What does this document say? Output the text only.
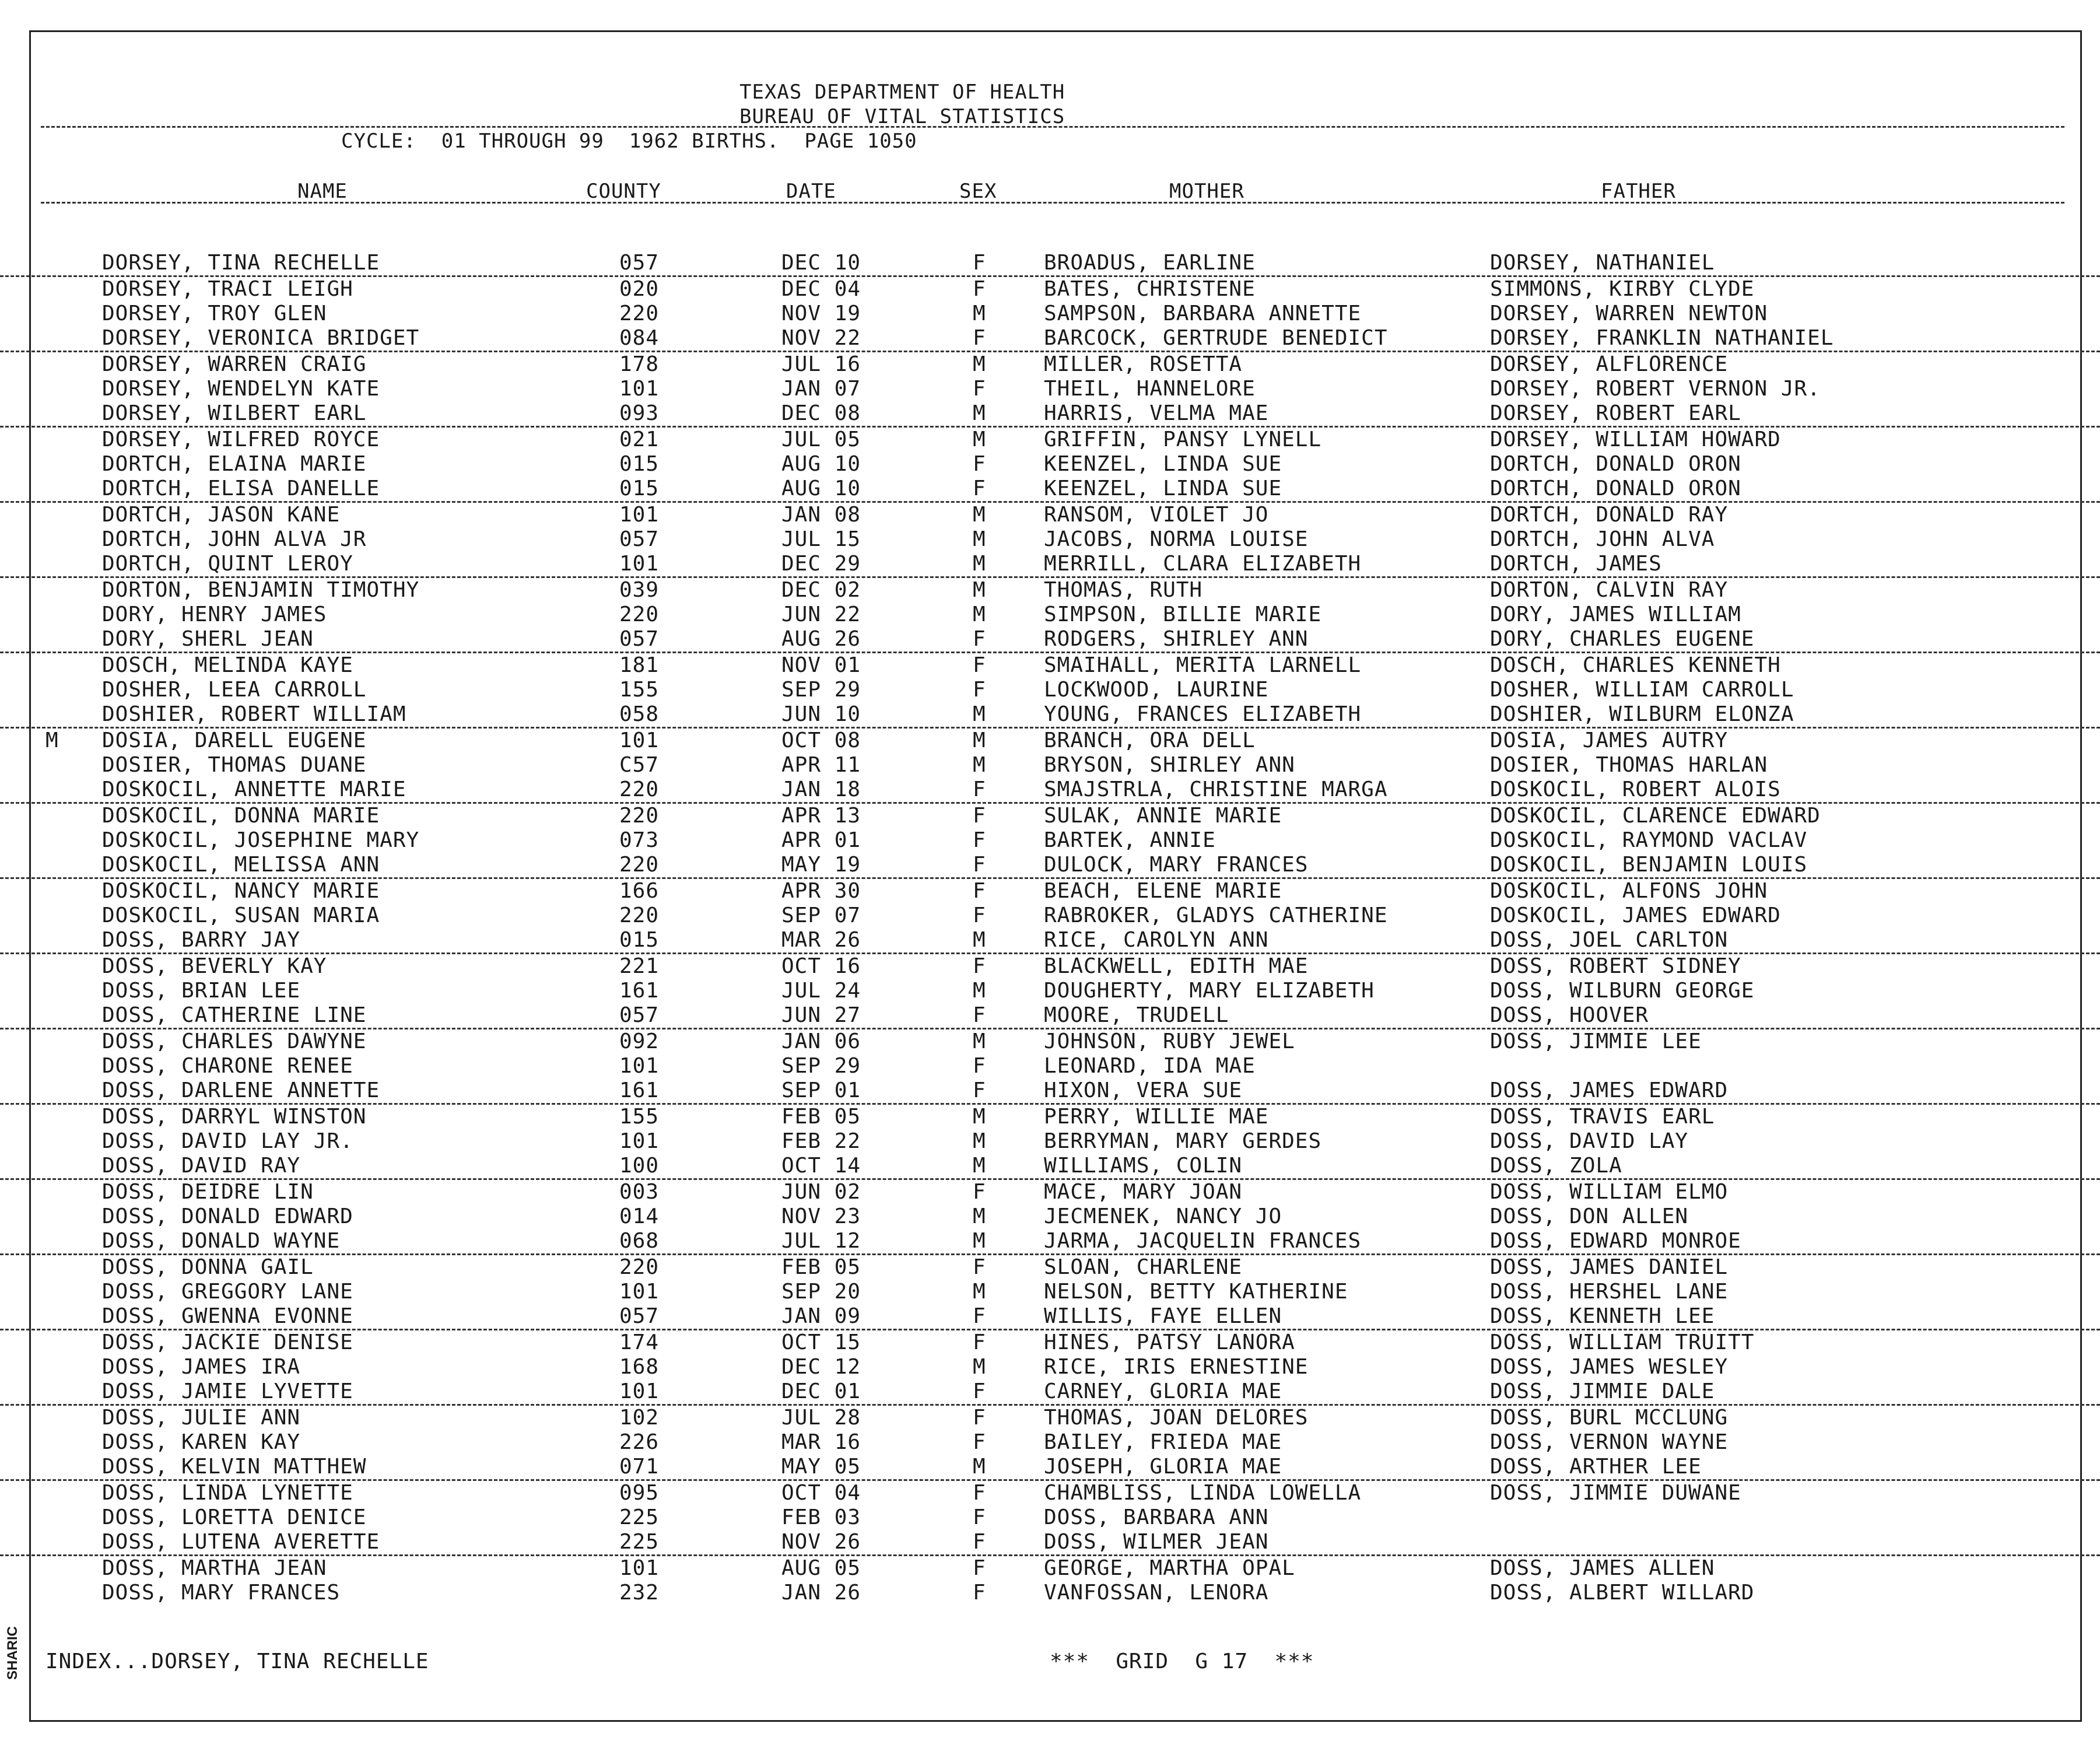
TEXAS DEPARTMENT OF HEALTH
BUREAU OF VITAL STATISTICS
CYCLE:  01 THROUGH 99  1962 BIRTHS.  PAGE 1050
NAME	COUNTY	DATE	SEX	MOTHER	FATHER
DORSEY, TINA RECHELLE	057	DEC 10	F	BROADUS, EARLINE	DORSEY, NATHANIEL
DORSEY, TRACI LEIGH	020	DEC 04	F	BATES, CHRISTENE	SIMMONS, KIRBY CLYDE
DORSEY, TROY GLEN	220	NOV 19	M	SAMPSON, BARBARA ANNETTE	DORSEY, WARREN NEWTON
DORSEY, VERONICA BRIDGET	084	NOV 22	F	BARCOCK, GERTRUDE BENEDICT	DORSEY, FRANKLIN NATHANIEL
DORSEY, WARREN CRAIG	178	JUL 16	M	MILLER, ROSETTA	DORSEY, ALFLORENCE
DORSEY, WENDELYN KATE	101	JAN 07	F	THEIL, HANNELORE	DORSEY, ROBERT VERNON JR.
DORSEY, WILBERT EARL	093	DEC 08	M	HARRIS, VELMA MAE	DORSEY, ROBERT EARL
DORSEY, WILFRED ROYCE	021	JUL 05	M	GRIFFIN, PANSY LYNELL	DORSEY, WILLIAM HOWARD
DORTCH, ELAINA MARIE	015	AUG 10	F	KEENZEL, LINDA SUE	DORTCH, DONALD ORON
DORTCH, ELISA DANELLE	015	AUG 10	F	KEENZEL, LINDA SUE	DORTCH, DONALD ORON
DORTCH, JASON KANE	101	JAN 08	M	RANSOM, VIOLET JO	DORTCH, DONALD RAY
DORTCH, JOHN ALVA JR	057	JUL 15	M	JACOBS, NORMA LOUISE	DORTCH, JOHN ALVA
DORTCH, QUINT LEROY	101	DEC 29	M	MERRILL, CLARA ELIZABETH	DORTCH, JAMES
DORTON, BENJAMIN TIMOTHY	039	DEC 02	M	THOMAS, RUTH	DORTON, CALVIN RAY
DORY, HENRY JAMES	220	JUN 22	M	SIMPSON, BILLIE MARIE	DORY, JAMES WILLIAM
DORY, SHERL JEAN	057	AUG 26	F	RODGERS, SHIRLEY ANN	DORY, CHARLES EUGENE
DOSCH, MELINDA KAYE	181	NOV 01	F	SMAIHALL, MERITA LARNELL	DOSCH, CHARLES KENNETH
DOSHER, LEEA CARROLL	155	SEP 29	F	LOCKWOOD, LAURINE	DOSHER, WILLIAM CARROLL
DOSHIER, ROBERT WILLIAM	058	JUN 10	M	YOUNG, FRANCES ELIZABETH	DOSHIER, WILBURM ELONZA
M DOSIA, DARELL EUGENE	101	OCT 08	M	BRANCH, ORA DELL	DOSIA, JAMES AUTRY
DOSIER, THOMAS DUANE	C57	APR 11	M	BRYSON, SHIRLEY ANN	DOSIER, THOMAS HARLAN
DOSKOCIL, ANNETTE MARIE	220	JAN 18	F	SMAJSTRLA, CHRISTINE MARGA	DOSKOCIL, ROBERT ALOIS
DOSKOCIL, DONNA MARIE	220	APR 13	F	SULAK, ANNIE MARIE	DOSKOCIL, CLARENCE EDWARD
DOSKOCIL, JOSEPHINE MARY	073	APR 01	F	BARTEK, ANNIE	DOSKOCIL, RAYMOND VACLAV
DOSKOCIL, MELISSA ANN	220	MAY 19	F	DULOCK, MARY FRANCES	DOSKOCIL, BENJAMIN LOUIS
DOSKOCIL, NANCY MARIE	166	APR 30	F	BEACH, ELENE MARIE	DOSKOCIL, ALFONS JOHN
DOSKOCIL, SUSAN MARIA	220	SEP 07	F	RABROKER, GLADYS CATHERINE	DOSKOCIL, JAMES EDWARD
DOSS, BARRY JAY	015	MAR 26	M	RICE, CAROLYN ANN	DOSS, JOEL CARLTON
DOSS, BEVERLY KAY	221	OCT 16	F	BLACKWELL, EDITH MAE	DOSS, ROBERT SIDNEY
DOSS, BRIAN LEE	161	JUL 24	M	DOUGHERTY, MARY ELIZABETH	DOSS, WILBURN GEORGE
DOSS, CATHERINE LINE	057	JUN 27	F	MOORE, TRUDELL	DOSS, HOOVER
DOSS, CHARLES DAWYNE	092	JAN 06	M	JOHNSON, RUBY JEWEL	DOSS, JIMMIE LEE
DOSS, CHARONE RENEE	101	SEP 29	F	LEONARD, IDA MAE
DOSS, DARLENE ANNETTE	161	SEP 01	F	HIXON, VERA SUE	DOSS, JAMES EDWARD
DOSS, DARRYL WINSTON	155	FEB 05	M	PERRY, WILLIE MAE	DOSS, TRAVIS EARL
DOSS, DAVID LAY JR.	101	FEB 22	M	BERRYMAN, MARY GERDES	DOSS, DAVID LAY
DOSS, DAVID RAY	100	OCT 14	M	WILLIAMS, COLIN	DOSS, ZOLA
DOSS, DEIDRE LIN	003	JUN 02	F	MACE, MARY JOAN	DOSS, WILLIAM ELMO
DOSS, DONALD EDWARD	014	NOV 23	M	JECMENEK, NANCY JO	DOSS, DON ALLEN
DOSS, DONALD WAYNE	068	JUL 12	M	JARMA, JACQUELIN FRANCES	DOSS, EDWARD MONROE
DOSS, DONNA GAIL	220	FEB 05	F	SLOAN, CHARLENE	DOSS, JAMES DANIEL
DOSS, GREGGORY LANE	101	SEP 20	M	NELSON, BETTY KATHERINE	DOSS, HERSHEL LANE
DOSS, GWENNA EVONNE	057	JAN 09	F	WILLIS, FAYE ELLEN	DOSS, KENNETH LEE
DOSS, JACKIE DENISE	174	OCT 15	F	HINES, PATSY LANORA	DOSS, WILLIAM TRUITT
DOSS, JAMES IRA	168	DEC 12	M	RICE, IRIS ERNESTINE	DOSS, JAMES WESLEY
DOSS, JAMIE LYVETTE	101	DEC 01	F	CARNEY, GLORIA MAE	DOSS, JIMMIE DALE
DOSS, JULIE ANN	102	JUL 28	F	THOMAS, JOAN DELORES	DOSS, BURL MCCLUNG
DOSS, KAREN KAY	226	MAR 16	F	BAILEY, FRIEDA MAE	DOSS, VERNON WAYNE
DOSS, KELVIN MATTHEW	071	MAY 05	M	JOSEPH, GLORIA MAE	DOSS, ARTHER LEE
DOSS, LINDA LYNETTE	095	OCT 04	F	CHAMBLISS, LINDA LOWELLA	DOSS, JIMMIE DUWANE
DOSS, LORETTA DENICE	225	FEB 03	F	DOSS, BARBARA ANN
DOSS, LUTENA AVERETTE	225	NOV 26	F	DOSS, WILMER JEAN
DOSS, MARTHA JEAN	101	AUG 05	F	GEORGE, MARTHA OPAL	DOSS, JAMES ALLEN
DOSS, MARY FRANCES	232	JAN 26	F	VANFOSSAN, LENORA	DOSS, ALBERT WILLARD
INDEX...DORSEY, TINA RECHELLE	***  GRID  G 17  ***
SHARIC
